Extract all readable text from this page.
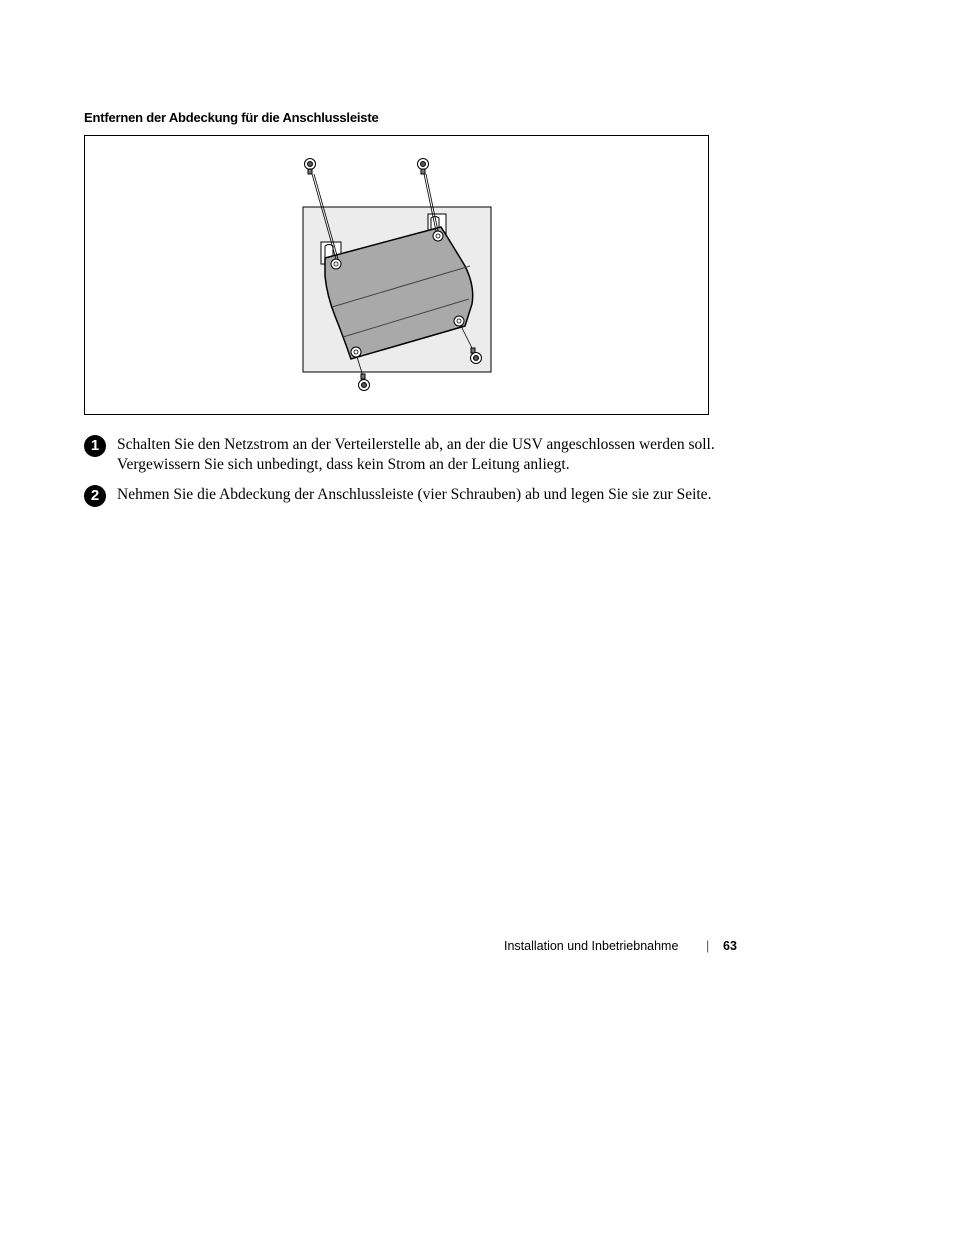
Entfernen der Abdeckung für die Anschlussleiste
1	Schalten Sie den Netzstrom an der Verteilerstelle ab, an der die USV angeschlossen werden soll. Vergewissern Sie sich unbedingt, dass kein Strom an der Leitung anliegt.
2	Nehmen Sie die Abdeckung der Anschlussleiste (vier Schrauben) ab und legen Sie sie zur Seite.
Installation und Inbetriebnahme | 63
